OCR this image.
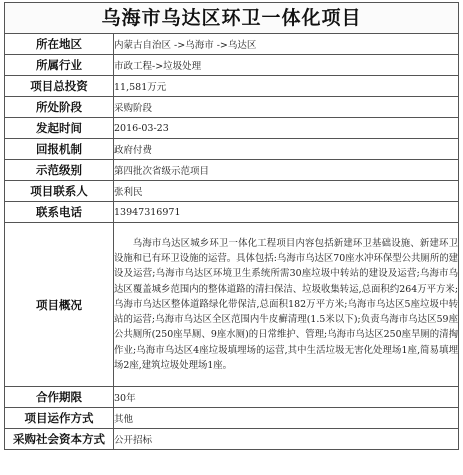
乌海市乌达区环卫一体化项目
所在地区	内蒙古自治区 ->乌海市 ->乌达区
所属行业	市政工程->垃圾处理
项目总投资	11,581万元
所处阶段	采购阶段
发起时间	2016-03-23
回报机制	政府付费
示范级别	第四批次省级示范项目
项目联系人	张利民
联系电话	13947316971
项目概况	乌海市乌达区城乡环卫一体化工程项目内容包括新建环卫基础设施、新建环卫设施和已有环卫设施的运营。具体包括:乌海市乌达区70座水冲环保型公共厕所的建设及运营;乌海市乌达区环境卫生系统所需30座垃圾中转站的建设及运营;乌海市乌达区覆盖城乡范围内的整体道路的清扫保洁、垃圾收集转运,总面积约264万平方米;乌海市乌达区整体道路绿化带保洁,总面积182万平方米;乌海市乌达区5座垃圾中转站的运营;乌海市乌达区全区范围内牛皮癣清理(1.5米以下);负责乌海市乌达区59座公共厕所(250座旱厕、9座水厕)的日常维护、管理;乌海市乌达区250座旱厕的清掏作业;乌海市乌达区4座垃圾填埋场的运营,其中生活垃圾无害化处理场1座,简易填埋场2座,建筑垃圾处理场1座。
合作期限	30年
项目运作方式	其他
采购社会资本方式	公开招标
